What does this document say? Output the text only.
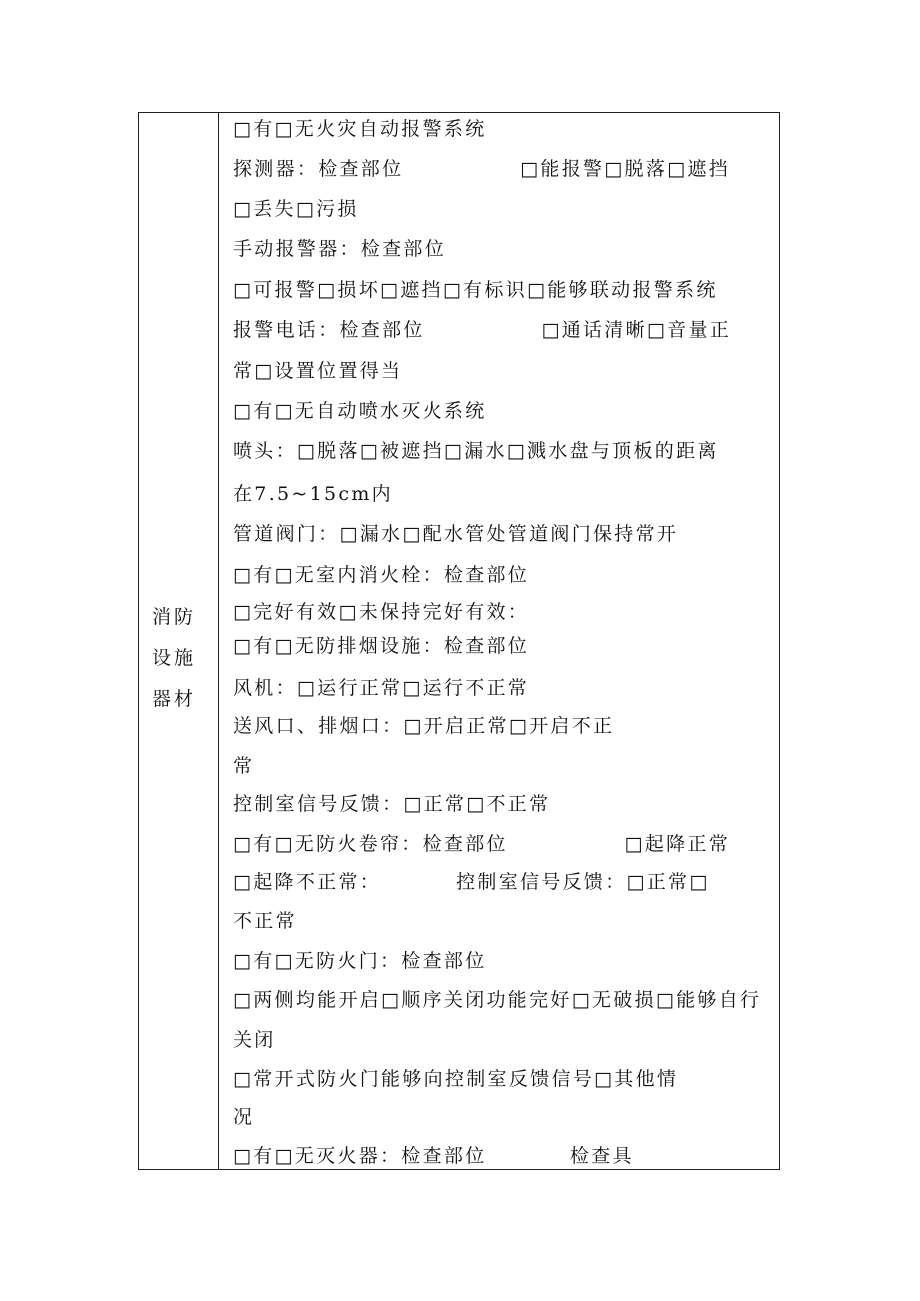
消防
设施
器材
□有□无火灾自动报警系统
探测器：检查部位              □能报警□脱落□遮挡
□丢失□污损
手动报警器：检查部位
□可报警□损坏□遮挡□有标识□能够联动报警系统
报警电话：检查部位              □通话清晰□音量正
常□设置位置得当
□有□无自动喷水灭火系统
喷头：□脱落□被遮挡□漏水□溅水盘与顶板的距离
在7.5~15cm内
管道阀门：□漏水□配水管处管道阀门保持常开
□有□无室内消火栓：检查部位
□完好有效□未保持完好有效：
□有□无防排烟设施：检查部位
风机：□运行正常□运行不正常
送风口、排烟口：□开启正常□开启不正
常
控制室信号反馈：□正常□不正常
□有□无防火卷帘：检查部位              □起降正常
□起降不正常：         控制室信号反馈：□正常□
不正常
□有□无防火门：检查部位
□两侧均能开启□顺序关闭功能完好□无破损□能够自行
关闭
□常开式防火门能够向控制室反馈信号□其他情
况
□有□无灭火器：检查部位          检查具
